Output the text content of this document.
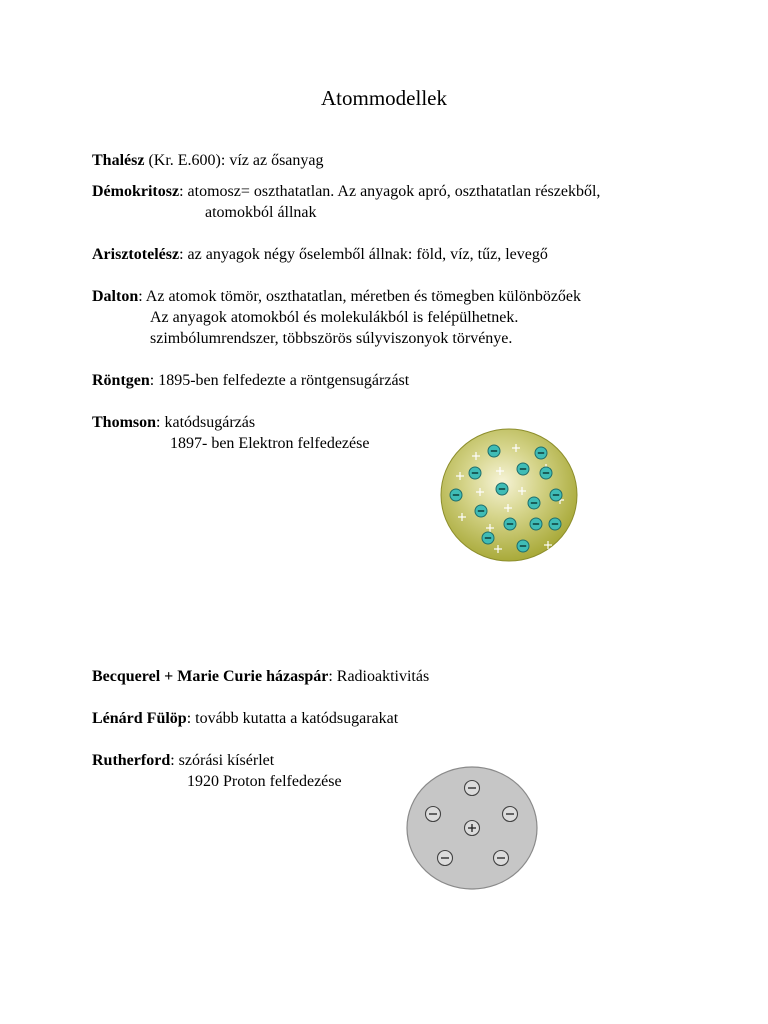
Atommodellek
Thalész (Kr. E.600): víz az ősanyag
Démokritosz: atomosz= oszthatatlan. Az anyagok apró, oszthatatlan részekből,
atomokból állnak
Arisztotelész: az anyagok négy őselemből állnak: föld, víz, tűz, levegő
Dalton: Az atomok tömör, oszthatatlan, méretben és tömegben különbözőek
Az anyagok atomokból és molekulákból is felépülhetnek.
szimbólumrendszer, többszörös súlyviszonyok törvénye.
Röntgen: 1895-ben felfedezte a röntgensugárzást
Thomson: katódsugárzás
1897- ben Elektron felfedezése
Becquerel + Marie Curie házaspár: Radioaktivitás
Lénárd Fülöp: tovább kutatta a katódsugarakat
Rutherford: szórási kísérlet
1920 Proton felfedezése
